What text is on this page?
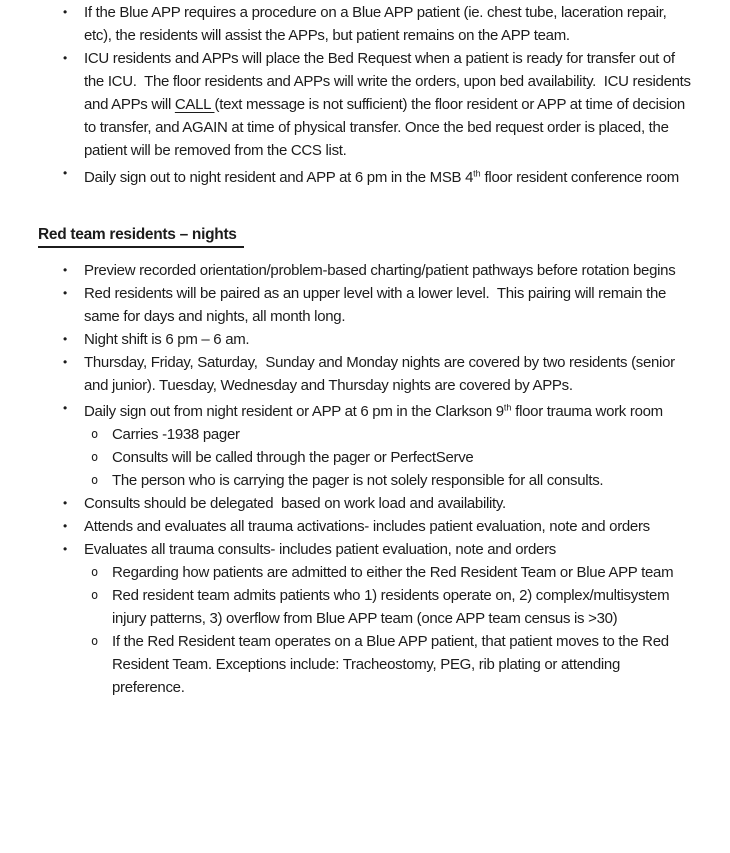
• If the Blue APP requires a procedure on a Blue APP patient (ie. chest tube, laceration repair, etc), the residents will assist the APPs, but patient remains on the APP team.
• ICU residents and APPs will place the Bed Request when a patient is ready for transfer out of the ICU.  The floor residents and APPs will write the orders, upon bed availability.  ICU residents and APPs will CALL (text message is not sufficient) the floor resident or APP at time of decision to transfer, and AGAIN at time of physical transfer. Once the bed request order is placed, the patient will be removed from the CCS list.
• Daily sign out to night resident and APP at 6 pm in the MSB 4th floor resident conference room
Red team residents – nights
• Preview recorded orientation/problem-based charting/patient pathways before rotation begins
• Red residents will be paired as an upper level with a lower level.  This pairing will remain the same for days and nights, all month long.
• Night shift is 6 pm – 6 am.
• Thursday, Friday, Saturday,  Sunday and Monday nights are covered by two residents (senior and junior). Tuesday, Wednesday and Thursday nights are covered by APPs.
• Daily sign out from night resident or APP at 6 pm in the Clarkson 9th floor trauma work room
o Carries -1938 pager
o Consults will be called through the pager or PerfectServe
o The person who is carrying the pager is not solely responsible for all consults.
• Consults should be delegated  based on work load and availability.
• Attends and evaluates all trauma activations- includes patient evaluation, note and orders
• Evaluates all trauma consults- includes patient evaluation, note and orders
o Regarding how patients are admitted to either the Red Resident Team or Blue APP team
o Red resident team admits patients who 1) residents operate on, 2) complex/multisystem injury patterns, 3) overflow from Blue APP team (once APP team census is >30)
o If the Red Resident team operates on a Blue APP patient, that patient moves to the Red Resident Team. Exceptions include: Tracheostomy, PEG, rib plating or attending preference.
